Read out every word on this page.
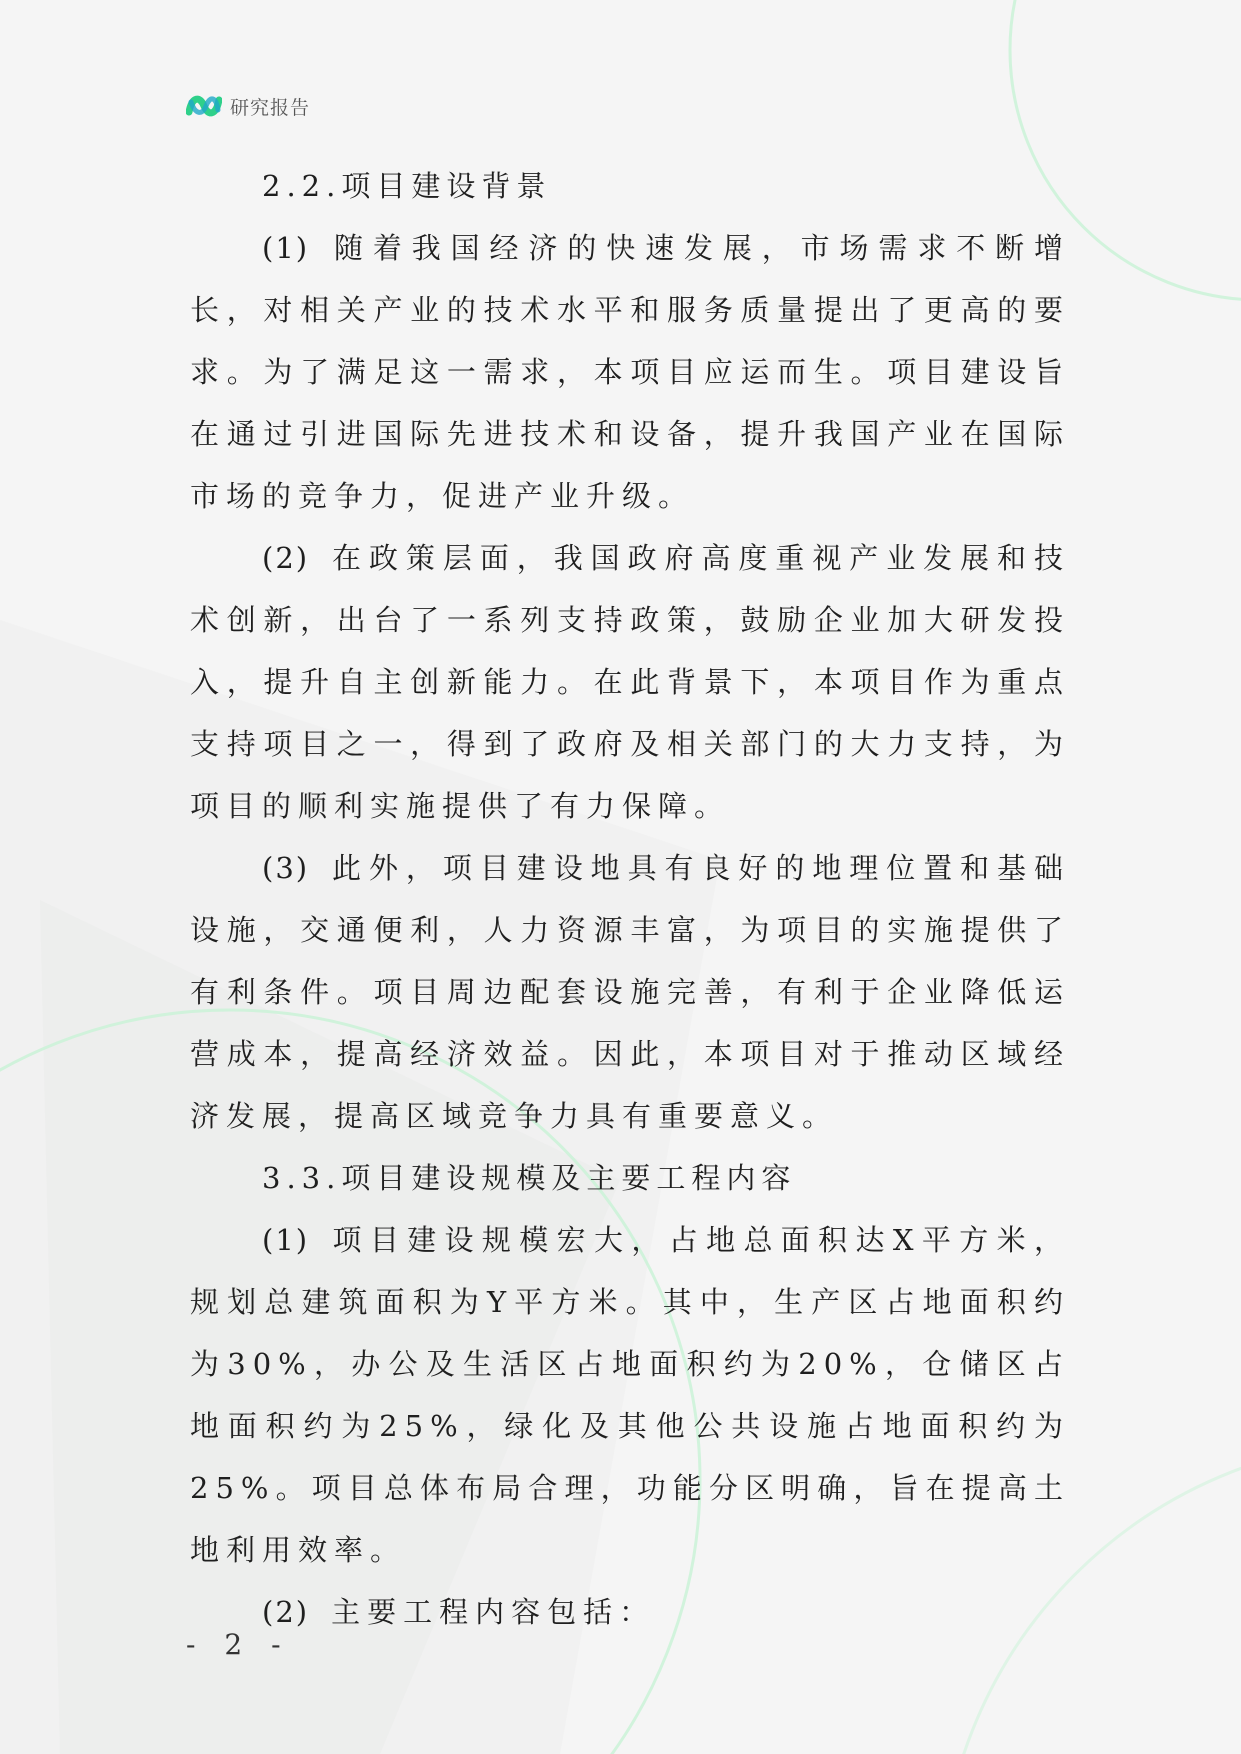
研究报告
2.2.项目建设背景

(1) 随着我国经济的快速发展，市场需求不断增长，对相关产业的技术水平和服务质量提出了更高的要求。为了满足这一需求，本项目应运而生。项目建设旨在通过引进国际先进技术和设备，提升我国产业在国际市场的竞争力，促进产业升级。

(2) 在政策层面，我国政府高度重视产业发展和技术创新，出台了一系列支持政策，鼓励企业加大研发投入，提升自主创新能力。在此背景下，本项目作为重点支持项目之一，得到了政府及相关部门的大力支持，为项目的顺利实施提供了有力保障。

(3) 此外，项目建设地具有良好的地理位置和基础设施，交通便利，人力资源丰富，为项目的实施提供了有利条件。项目周边配套设施完善，有利于企业降低运营成本，提高经济效益。因此，本项目对于推动区域经济发展，提高区域竞争力具有重要意义。

3.3.项目建设规模及主要工程内容

(1) 项目建设规模宏大，占地总面积达X平方米，规划总建筑面积为Y平方米。其中，生产区占地面积约为30%，办公及生活区占地面积约为20%，仓储区占地面积约为25%，绿化及其他公共设施占地面积约为25%。项目总体布局合理，功能分区明确，旨在提高土地利用效率。

(2) 主要工程内容包括：

- 2 -
